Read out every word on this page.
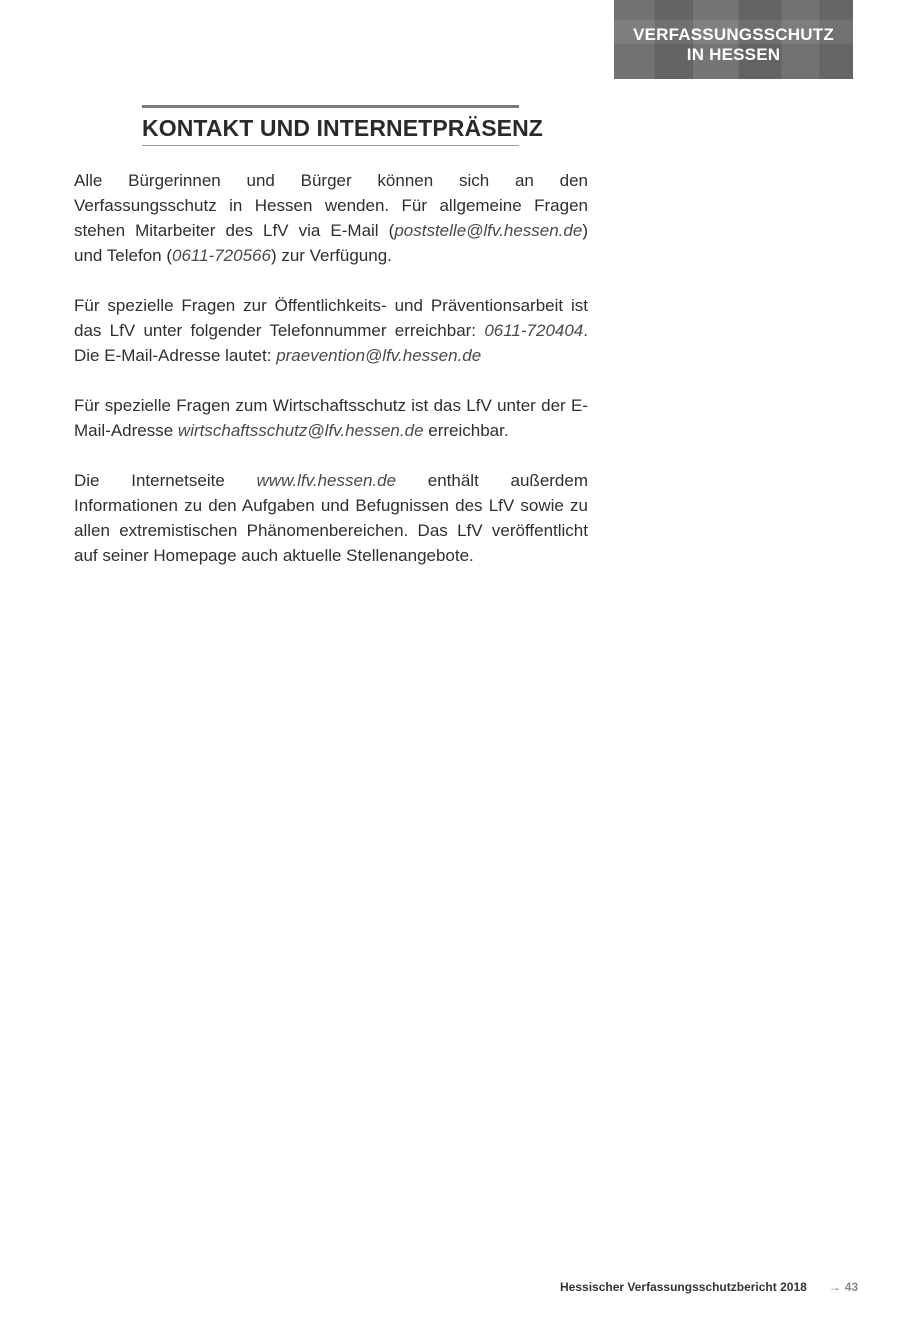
VERFASSUNGSSCHUTZ
IN HESSEN
KONTAKT UND INTERNETPRÄSENZ

Alle Bürgerinnen und Bürger können sich an den Verfassungsschutz in Hessen wenden. Für allgemeine Fragen stehen Mitarbeiter des LfV via E-Mail (poststelle@lfv.hessen.de) und Telefon (0611-720566) zur Verfügung.

Für spezielle Fragen zur Öffentlichkeits- und Präventionsarbeit ist das LfV unter folgender Telefonnummer erreichbar: 0611-720404. Die E-Mail-Adresse lautet: praevention@lfv.hessen.de

Für spezielle Fragen zum Wirtschaftsschutz ist das LfV unter der E-Mail-Adresse wirtschaftsschutz@lfv.hessen.de erreichbar.

Die Internetseite www.lfv.hessen.de enthält außerdem Informationen zu den Aufgaben und Befugnissen des LfV sowie zu allen extremistischen Phänomenbereichen. Das LfV veröffentlicht auf seiner Homepage auch aktuelle Stellenangebote.

Hessischer Verfassungsschutzbericht 2018 → 43
